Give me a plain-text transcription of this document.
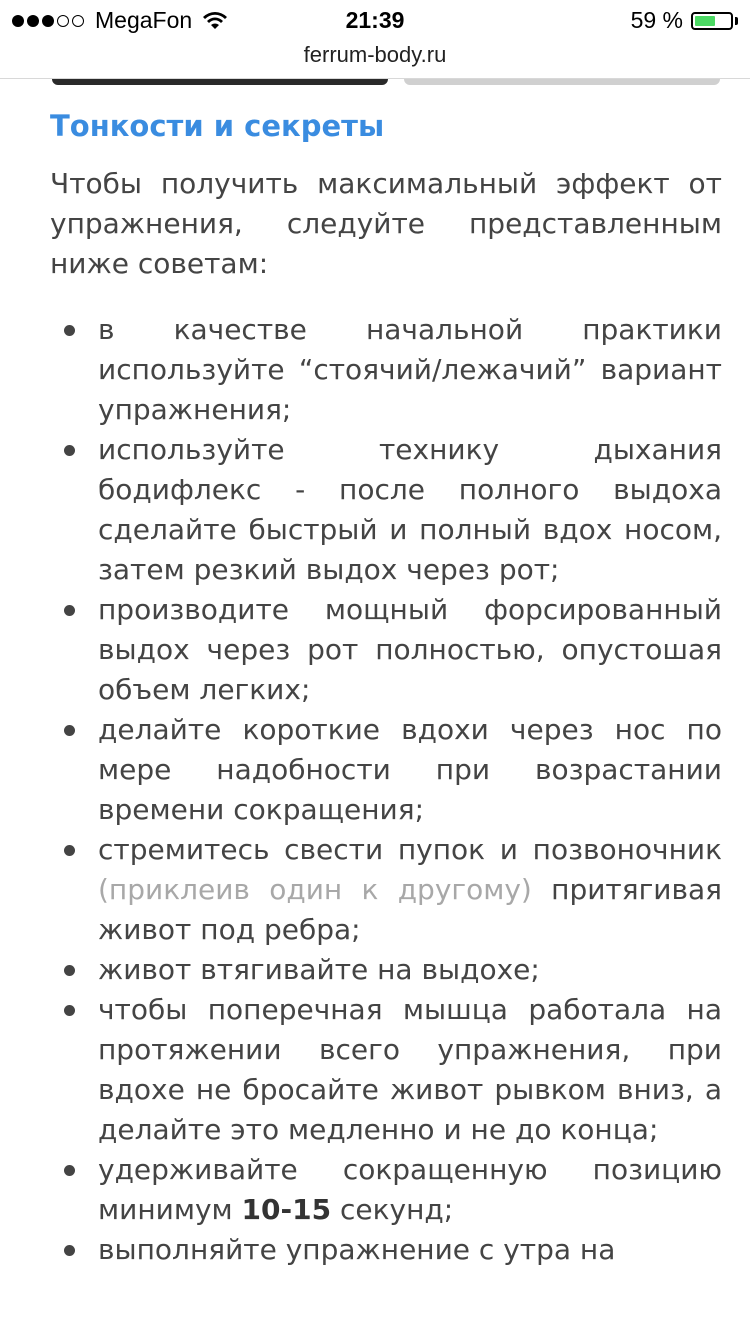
MegaFon	21:39	59 %
ferrum-body.ru
Тонкости и секреты

Чтобы получить максимальный эффект от упражнения, следуйте представленным ниже советам:

в качестве начальной практики используйте “стоячий/лежачий” вариант упражнения;
используйте технику дыхания бодифлекс - после полного выдоха сделайте быстрый и полный вдох носом, затем резкий выдох через рот;
производите мощный форсированный выдох через рот полностью, опустошая объем легких;
делайте короткие вдохи через нос по мере надобности при возрастании времени сокращения;
стремитесь свести пупок и позвоночник (приклеив один к другому) притягивая живот под ребра;
живот втягивайте на выдохе;
чтобы поперечная мышца работала на протяжении всего упражнения, при вдохе не бросайте живот рывком вниз, а делайте это медленно и не до конца;
удерживайте сокращенную позицию минимум 10-15 секунд;
выполняйте упражнение с утра на
